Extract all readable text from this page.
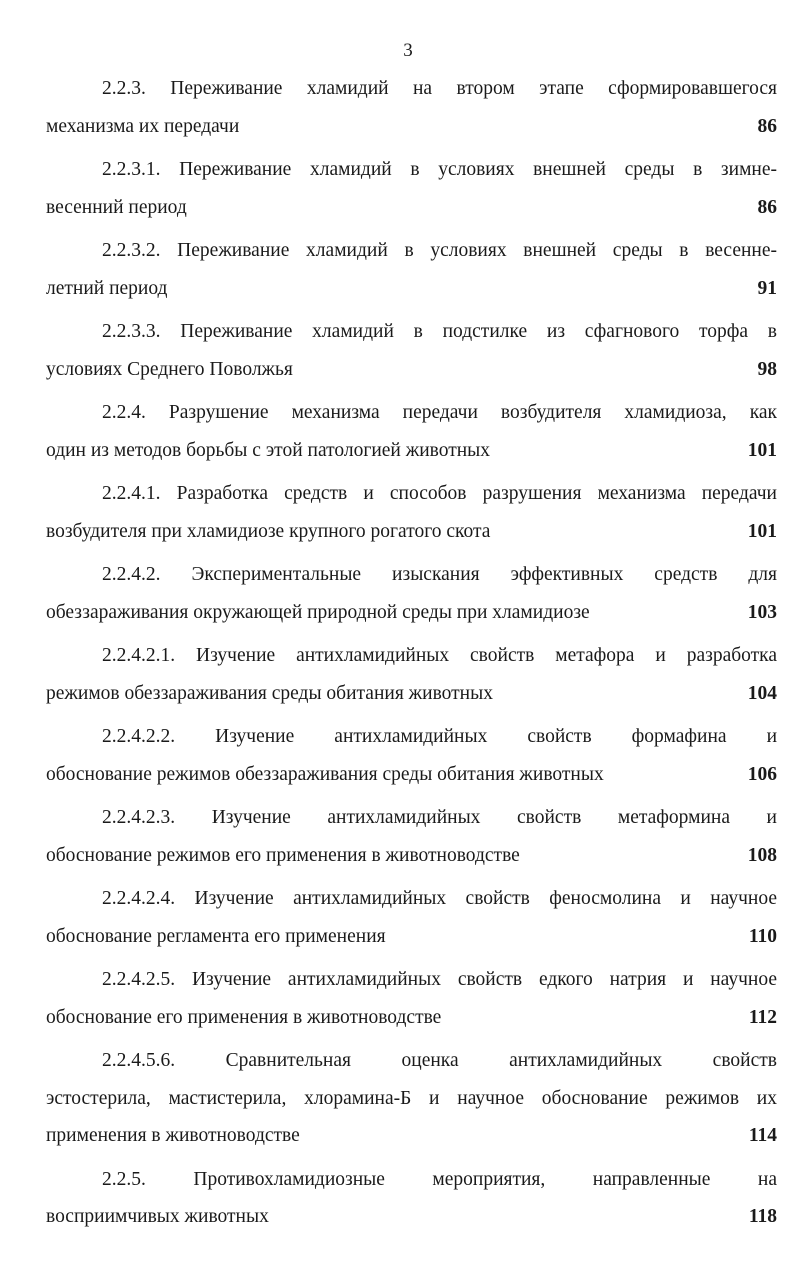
3
2.2.3. Переживание хламидий на втором этапе сформировавшегося
механизма их передачи	86
2.2.3.1. Переживание хламидий в условиях внешней среды в зимне-
весенний период	86
2.2.3.2. Переживание хламидий в условиях внешней среды в весенне-
летний период	91
2.2.3.3. Переживание хламидий в подстилке из сфагнового торфа в
условиях Среднего Поволжья	98
2.2.4. Разрушение механизма передачи возбудителя хламидиоза, как
один из методов борьбы с этой патологией животных	101
2.2.4.1. Разработка средств и способов разрушения механизма передачи
возбудителя при хламидиозе крупного рогатого скота	101
2.2.4.2. Экспериментальные изыскания эффективных средств для
обеззараживания окружающей природной среды при хламидиозе	103
2.2.4.2.1. Изучение антихламидийных свойств метафора и разработка
режимов обеззараживания среды обитания животных	104
2.2.4.2.2. Изучение антихламидийных свойств формафина и
обоснование режимов обеззараживания среды обитания животных	106
2.2.4.2.3. Изучение антихламидийных свойств метаформина и
обоснование режимов его применения в животноводстве	108
2.2.4.2.4. Изучение антихламидийных свойств феносмолина и научное
обоснование регламента его применения	110
2.2.4.2.5. Изучение антихламидийных свойств едкого натрия и научное
обоснование его применения в животноводстве	112
2.2.4.5.6. Сравнительная оценка антихламидийных свойств
эстостерила, мастистерила, хлорамина-Б и научное обоснование режимов их
применения в животноводстве	114
2.2.5. Противохламидиозные мероприятия, направленные на
восприимчивых животных	118
